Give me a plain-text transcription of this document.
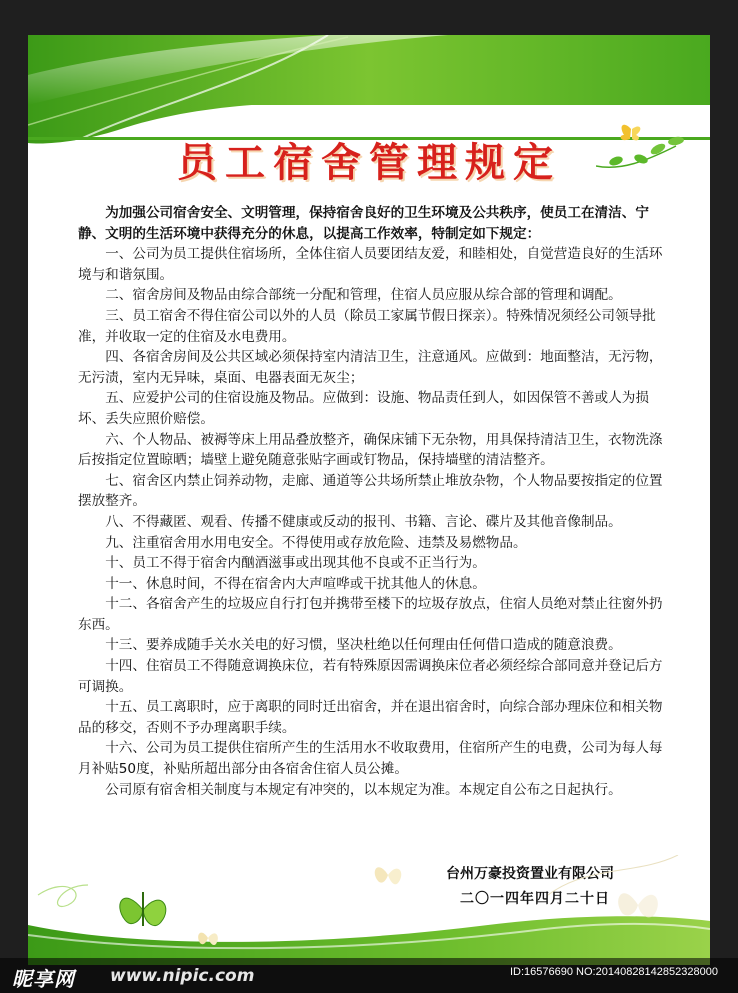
员工宿舍管理规定

为加强公司宿舍安全、文明管理，保持宿舍良好的卫生环境及公共秩序，使员工在清洁、宁静、文明的生活环境中获得充分的休息，以提高工作效率，特制定如下规定：

一、公司为员工提供住宿场所，全体住宿人员要团结友爱，和睦相处，自觉营造良好的生活环境与和谐氛围。

二、宿舍房间及物品由综合部统一分配和管理，住宿人员应服从综合部的管理和调配。

三、员工宿舍不得住宿公司以外的人员（除员工家属节假日探亲）。特殊情况须经公司领导批准，并收取一定的住宿及水电费用。

四、各宿舍房间及公共区域必须保持室内清洁卫生，注意通风。应做到：地面整洁，无污物，无污渍，室内无异味，桌面、电器表面无灰尘；

五、应爱护公司的住宿设施及物品。应做到：设施、物品责任到人，如因保管不善或人为损坏、丢失应照价赔偿。

六、个人物品、被褥等床上用品叠放整齐，确保床铺下无杂物，用具保持清洁卫生，衣物洗涤后按指定位置晾晒；墙壁上避免随意张贴字画或钉物品，保持墙壁的清洁整齐。

七、宿舍区内禁止饲养动物，走廊、通道等公共场所禁止堆放杂物，个人物品要按指定的位置摆放整齐。

八、不得藏匿、观看、传播不健康或反动的报刊、书籍、言论、碟片及其他音像制品。

九、注重宿舍用水用电安全。不得使用或存放危险、违禁及易燃物品。

十、员工不得于宿舍内酗酒滋事或出现其他不良或不正当行为。

十一、休息时间，不得在宿舍内大声喧哗或干扰其他人的休息。

十二、各宿舍产生的垃圾应自行打包并携带至楼下的垃圾存放点，住宿人员绝对禁止往窗外扔东西。

十三、要养成随手关水关电的好习惯，坚决杜绝以任何理由任何借口造成的随意浪费。

十四、住宿员工不得随意调换床位，若有特殊原因需调换床位者必须经综合部同意并登记后方可调换。

十五、员工离职时，应于离职的同时迁出宿舍，并在退出宿舍时，向综合部办理床位和相关物品的移交，否则不予办理离职手续。

十六、公司为员工提供住宿所产生的生活用水不收取费用，住宿所产生的电费，公司为每人每月补贴50度，补贴所超出部分由各宿舍住宿人员公摊。

公司原有宿舍相关制度与本规定有冲突的，以本规定为准。本规定自公布之日起执行。

台州万豪投资置业有限公司
二〇一四年四月二十日
昵享网 www.nipic.com	ID:16576690 NO:20140828142852328000
